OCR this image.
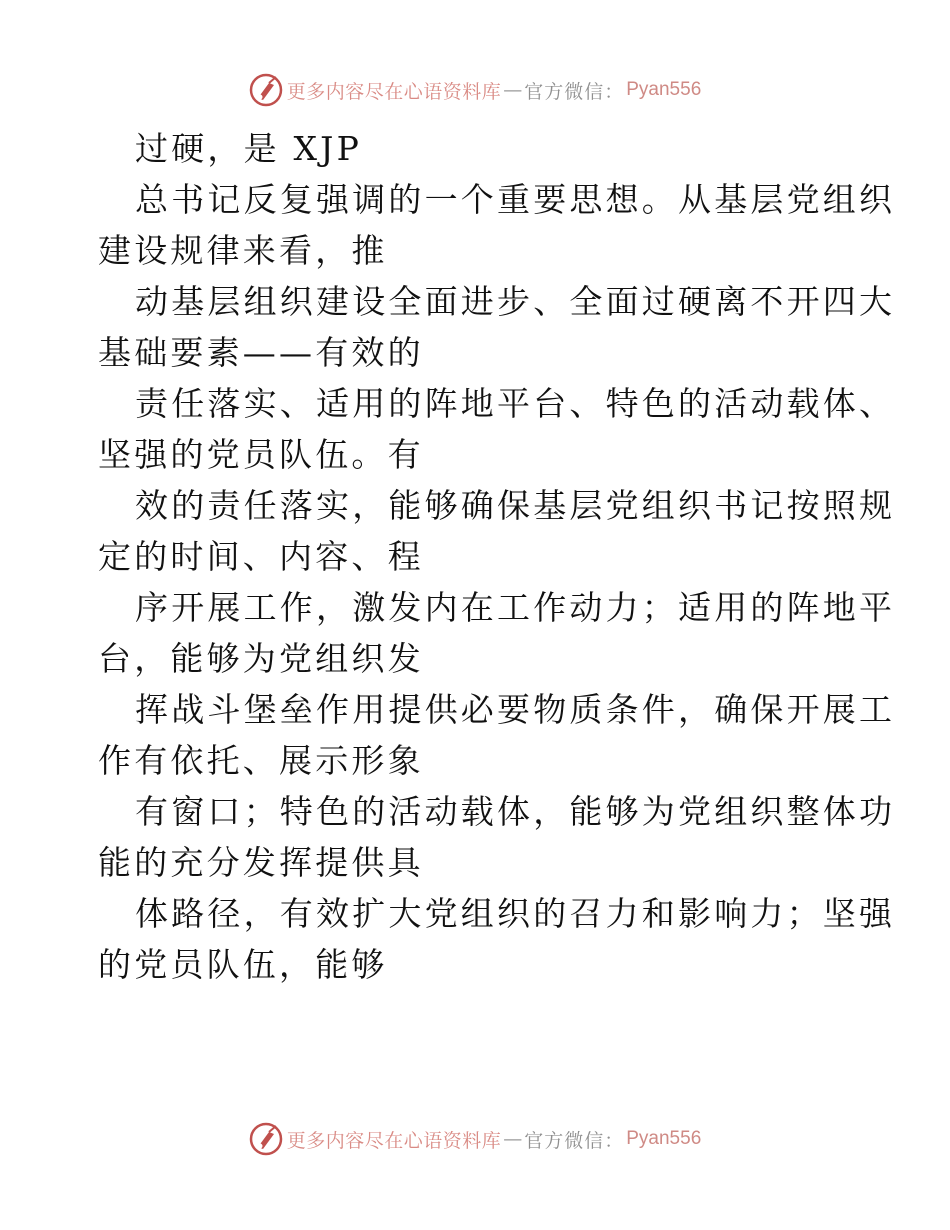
更多内容尽在心语资料库 — 官方微信： Pyan556
过硬，是 XJP
总书记反复强调的一个重要思想。从基层党组织
建设规律来看，推
动基层组织建设全面进步、全面过硬离不开四大
基础要素——有效的
责任落实、适用的阵地平台、特色的活动载体、
坚强的党员队伍。有
效的责任落实，能够确保基层党组织书记按照规
定的时间、内容、程
序开展工作，激发内在工作动力；适用的阵地平
台，能够为党组织发
挥战斗堡垒作用提供必要物质条件，确保开展工
作有依托、展示形象
有窗口；特色的活动载体，能够为党组织整体功
能的充分发挥提供具
体路径，有效扩大党组织的召力和影响力；坚强
的党员队伍，能够
更多内容尽在心语资料库 — 官方微信： Pyan556
